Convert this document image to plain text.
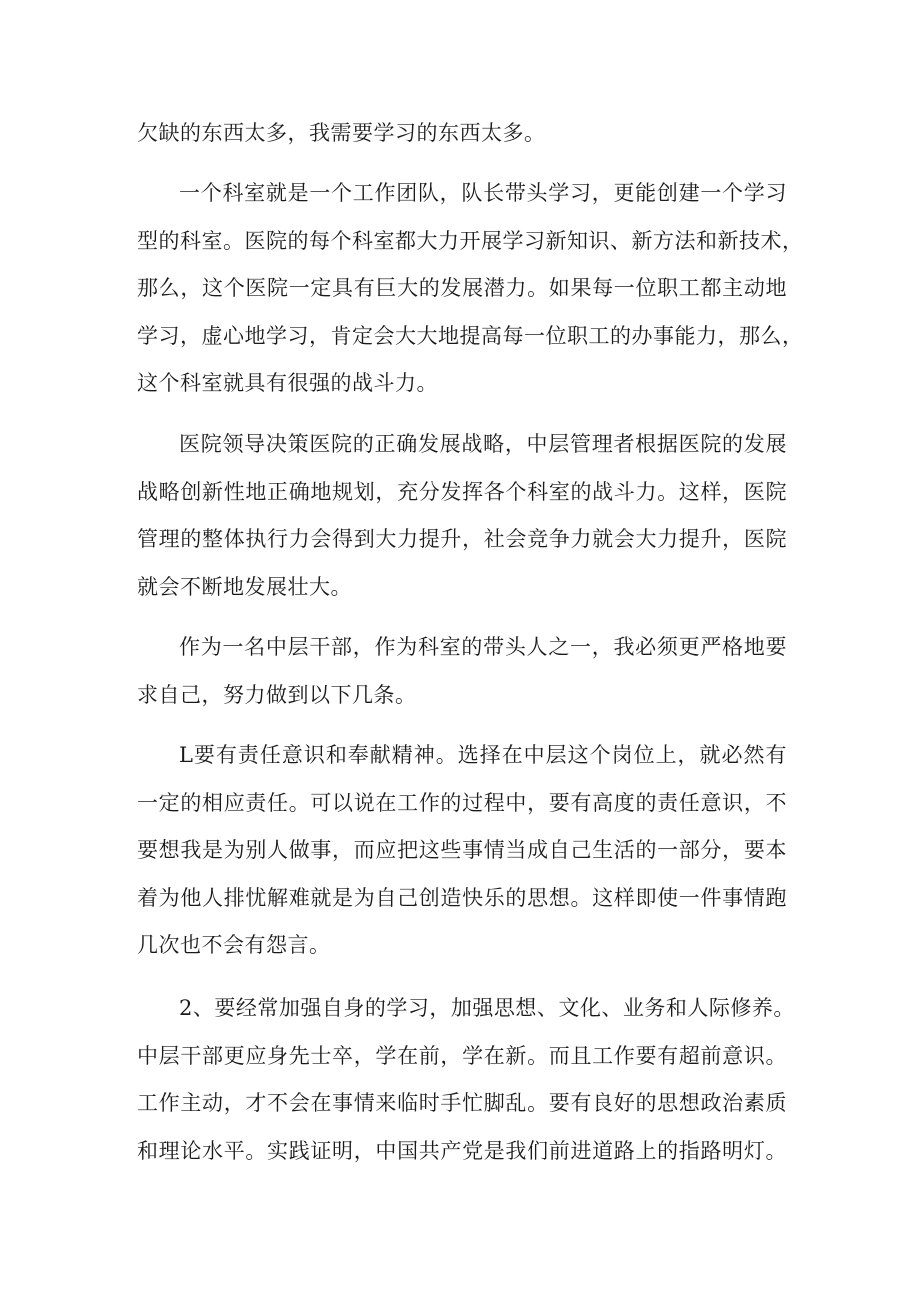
欠缺的东西太多，我需要学习的东西太多。

一个科室就是一个工作团队，队长带头学习，更能创建一个学习
型的科室。医院的每个科室都大力开展学习新知识、新方法和新技术，
那么，这个医院一定具有巨大的发展潜力。如果每一位职工都主动地
学习，虚心地学习，肯定会大大地提高每一位职工的办事能力，那么，
这个科室就具有很强的战斗力。

医院领导决策医院的正确发展战略，中层管理者根据医院的发展
战略创新性地正确地规划，充分发挥各个科室的战斗力。这样，医院
管理的整体执行力会得到大力提升，社会竞争力就会大力提升，医院
就会不断地发展壮大。

作为一名中层干部，作为科室的带头人之一，我必须更严格地要
求自己，努力做到以下几条。

L要有责任意识和奉献精神。选择在中层这个岗位上，就必然有
一定的相应责任。可以说在工作的过程中，要有高度的责任意识，不
要想我是为别人做事，而应把这些事情当成自己生活的一部分，要本
着为他人排忧解难就是为自己创造快乐的思想。这样即使一件事情跑
几次也不会有怨言。

2、要经常加强自身的学习，加强思想、文化、业务和人际修养。
中层干部更应身先士卒，学在前，学在新。而且工作要有超前意识。
工作主动，才不会在事情来临时手忙脚乱。要有良好的思想政治素质
和理论水平。实践证明，中国共产党是我们前进道路上的指路明灯。
